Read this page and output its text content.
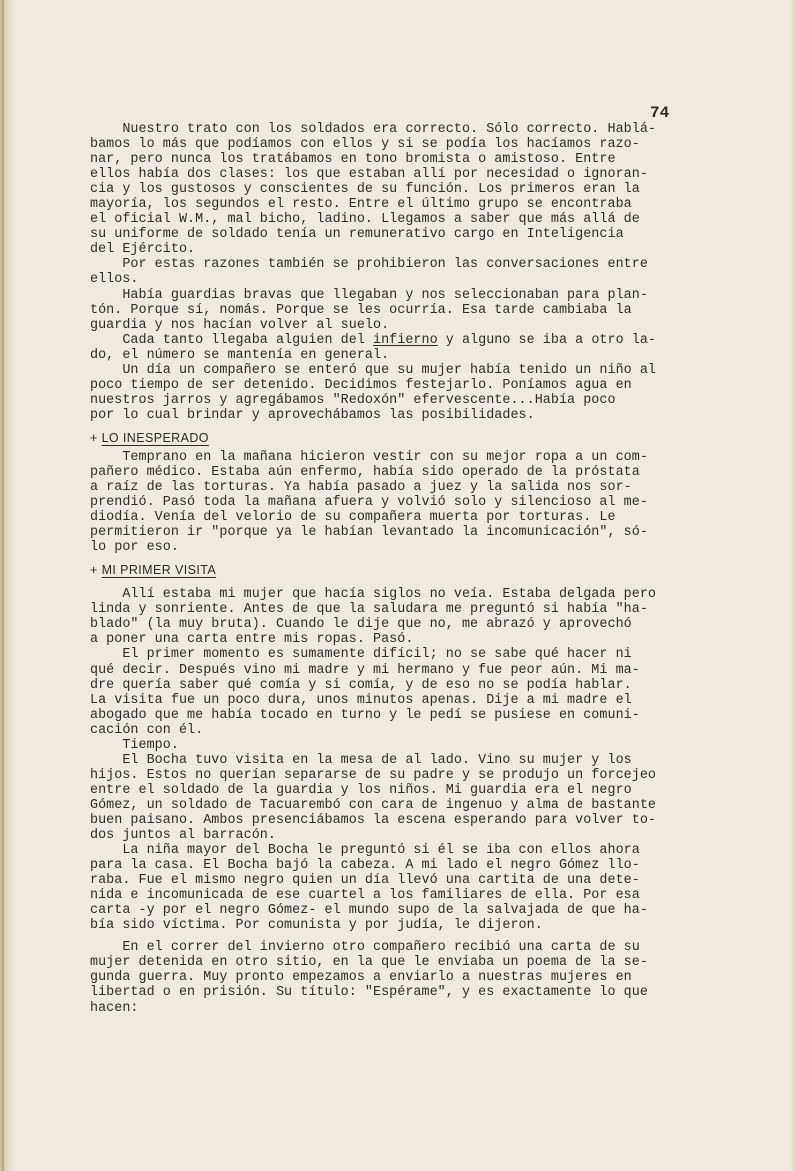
74
Nuestro trato con los soldados era correcto. Sólo correcto. Hablá-
bamos lo más que podíamos con ellos y si se podía los hacíamos razo-
nar, pero nunca los tratábamos en tono bromista o amistoso. Entre
ellos había dos clases: los que estaban allí por necesidad o ignoran-
cia y los gustosos y conscientes de su función. Los primeros eran la
mayoría, los segundos el resto. Entre el último grupo se encontraba
el oficial W.M., mal bicho, ladino. Llegamos a saber que más allá de
su uniforme de soldado tenía un remunerativo cargo en Inteligencia
del Ejército.
Por estas razones también se prohibieron las conversaciones entre
ellos.
Había guardias bravas que llegaban y nos seleccionaban para plan-
tón. Porque sí, nomás. Porque se les ocurría. Esa tarde cambiaba la
guardia y nos hacían volver al suelo.
Cada tanto llegaba alguien del infierno y alguno se iba a otro la-
do, el número se mantenía en general.
Un día un compañero se enteró que su mujer había tenido un niño al
poco tiempo de ser detenido. Decidimos festejarlo. Poníamos agua en
nuestros jarros y agregábamos "Redoxón" efervescente...Había poco
por lo cual brindar y aprovechábamos las posibilidades.
+ LO INESPERADO
Temprano en la mañana hicieron vestir con su mejor ropa a un com-
pañero médico. Estaba aún enfermo, había sido operado de la próstata
a raíz de las torturas. Ya había pasado a juez y la salida nos sor-
prendió. Pasó toda la mañana afuera y volvió solo y silencioso al me-
diodía. Venía del velorio de su compañera muerta por torturas. Le
permitieron ir "porque ya le habían levantado la incomunicación", só-
lo por eso.
+ MI PRIMER VISITA
Allí estaba mi mujer que hacía siglos no veía. Estaba delgada pero
linda y sonriente. Antes de que la saludara me preguntó si había "ha-
blado" (la muy bruta). Cuando le dije que no, me abrazó y aprovechó
a poner una carta entre mis ropas. Pasó.
El primer momento es sumamente difícil; no se sabe qué hacer ni
qué decir. Después vino mi madre y mi hermano y fue peor aún. Mi ma-
dre quería saber qué comía y si comía, y de eso no se podía hablar.
La visita fue un poco dura, unos minutos apenas. Dije a mi madre el
abogado que me había tocado en turno y le pedí se pusiese en comuni-
cación con él.
Tiempo.
El Bocha tuvo visita en la mesa de al lado. Vino su mujer y los
hijos. Estos no querían separarse de su padre y se produjo un forcejeo
entre el soldado de la guardia y los niños. Mi guardia era el negro
Gómez, un soldado de Tacuarembó con cara de ingenuo y alma de bastante
buen paisano. Ambos presenciábamos la escena esperando para volver to-
dos juntos al barracón.
La niña mayor del Bocha le preguntó si él se iba con ellos ahora
para la casa. El Bocha bajó la cabeza. A mi lado el negro Gómez llo-
raba. Fue el mismo negro quien un día llevó una cartita de una dete-
nida e incomunicada de ese cuartel a los familiares de ella. Por esa
carta -y por el negro Gómez- el mundo supo de la salvajada de que ha-
bía sido víctima. Por comunista y por judía, le dijeron.
En el correr del invierno otro compañero recibió una carta de su
mujer detenida en otro sitio, en la que le enviaba un poema de la se-
gunda guerra. Muy pronto empezamos a enviarlo a nuestras mujeres en
libertad o en prisión. Su título: "Espérame", y es exactamente lo que
hacen:
